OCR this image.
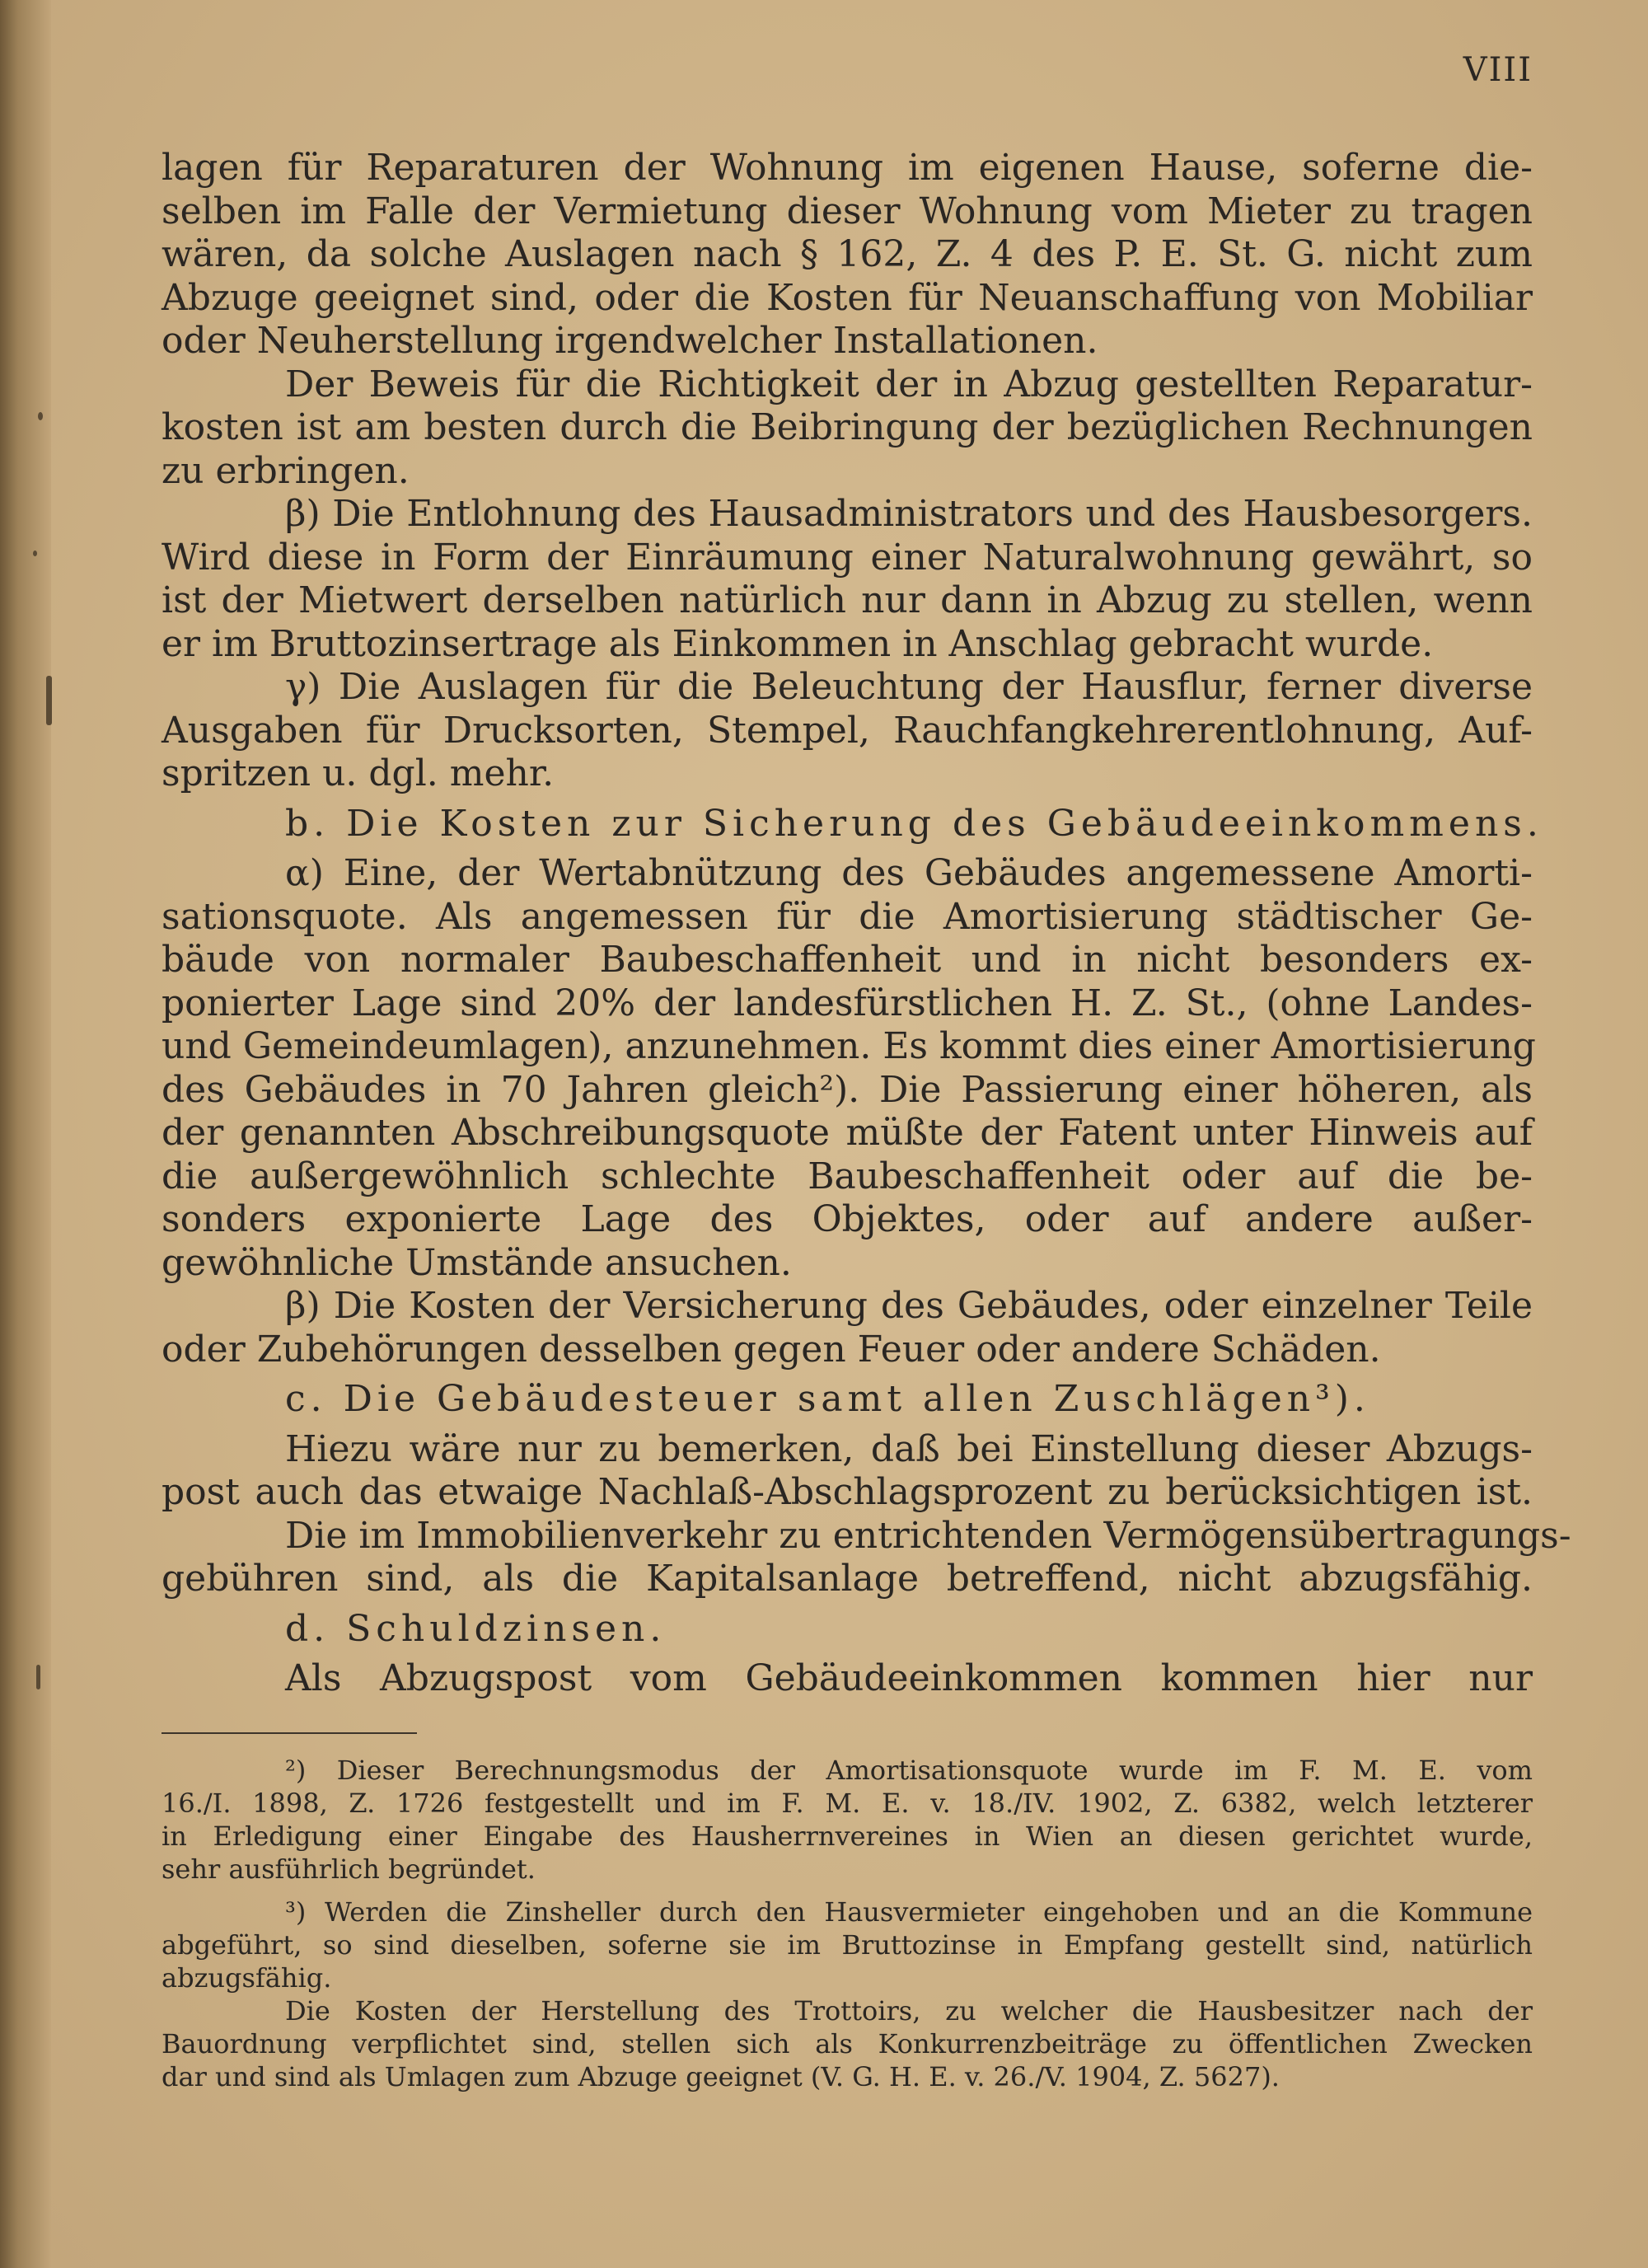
VIII
lagen für Reparaturen der Wohnung im eigenen Hause, soferne die-
selben im Falle der Vermietung dieser Wohnung vom Mieter zu tragen
wären, da solche Auslagen nach § 162, Z. 4 des P. E. St. G. nicht zum
Abzuge geeignet sind, oder die Kosten für Neuanschaffung von Mobiliar
oder Neuherstellung irgendwelcher Installationen.
Der Beweis für die Richtigkeit der in Abzug gestellten Reparatur-
kosten ist am besten durch die Beibringung der bezüglichen Rechnungen
zu erbringen.
β) Die Entlohnung des Hausadministrators und des Hausbesorgers.
Wird diese in Form der Einräumung einer Naturalwohnung gewährt, so
ist der Mietwert derselben natürlich nur dann in Abzug zu stellen, wenn
er im Bruttozinsertrage als Einkommen in Anschlag gebracht wurde.
γ) Die Auslagen für die Beleuchtung der Hausflur, ferner diverse
Ausgaben für Drucksorten, Stempel, Rauchfangkehrerentlohnung, Auf-
spritzen u. dgl. mehr.
b. Die Kosten zur Sicherung des Gebäudeeinkommens.
α) Eine, der Wertabnützung des Gebäudes angemessene Amorti-
sationsquote. Als angemessen für die Amortisierung städtischer Ge-
bäude von normaler Baubeschaffenheit und in nicht besonders ex-
ponierter Lage sind 20% der landesfürstlichen H. Z. St., (ohne Landes-
und Gemeindeumlagen), anzunehmen. Es kommt dies einer Amortisierung
des Gebäudes in 70 Jahren gleich²). Die Passierung einer höheren, als
der genannten Abschreibungsquote müßte der Fatent unter Hinweis auf
die außergewöhnlich schlechte Baubeschaffenheit oder auf die be-
sonders exponierte Lage des Objektes, oder auf andere außer-
gewöhnliche Umstände ansuchen.
β) Die Kosten der Versicherung des Gebäudes, oder einzelner Teile
oder Zubehörungen desselben gegen Feuer oder andere Schäden.
c. Die Gebäudesteuer samt allen Zuschlägen³).
Hiezu wäre nur zu bemerken, daß bei Einstellung dieser Abzugs-
post auch das etwaige Nachlaß-Abschlagsprozent zu berücksichtigen ist.
Die im Immobilienverkehr zu entrichtenden Vermögensübertragungs-
gebühren sind, als die Kapitalsanlage betreffend, nicht abzugsfähig.
d. Schuldzinsen.
Als Abzugspost vom Gebäudeeinkommen kommen hier nur
²) Dieser Berechnungsmodus der Amortisationsquote wurde im F. M. E. vom
16./I. 1898, Z. 1726 festgestellt und im F. M. E. v. 18./IV. 1902, Z. 6382, welch letzterer
in Erledigung einer Eingabe des Hausherrnvereines in Wien an diesen gerichtet wurde,
sehr ausführlich begründet.
³) Werden die Zinsheller durch den Hausvermieter eingehoben und an die Kommune
abgeführt, so sind dieselben, soferne sie im Bruttozinse in Empfang gestellt sind, natürlich
abzugsfähig.
Die Kosten der Herstellung des Trottoirs, zu welcher die Hausbesitzer nach der
Bauordnung verpflichtet sind, stellen sich als Konkurrenzbeiträge zu öffentlichen Zwecken
dar und sind als Umlagen zum Abzuge geeignet (V. G. H. E. v. 26./V. 1904, Z. 5627).
